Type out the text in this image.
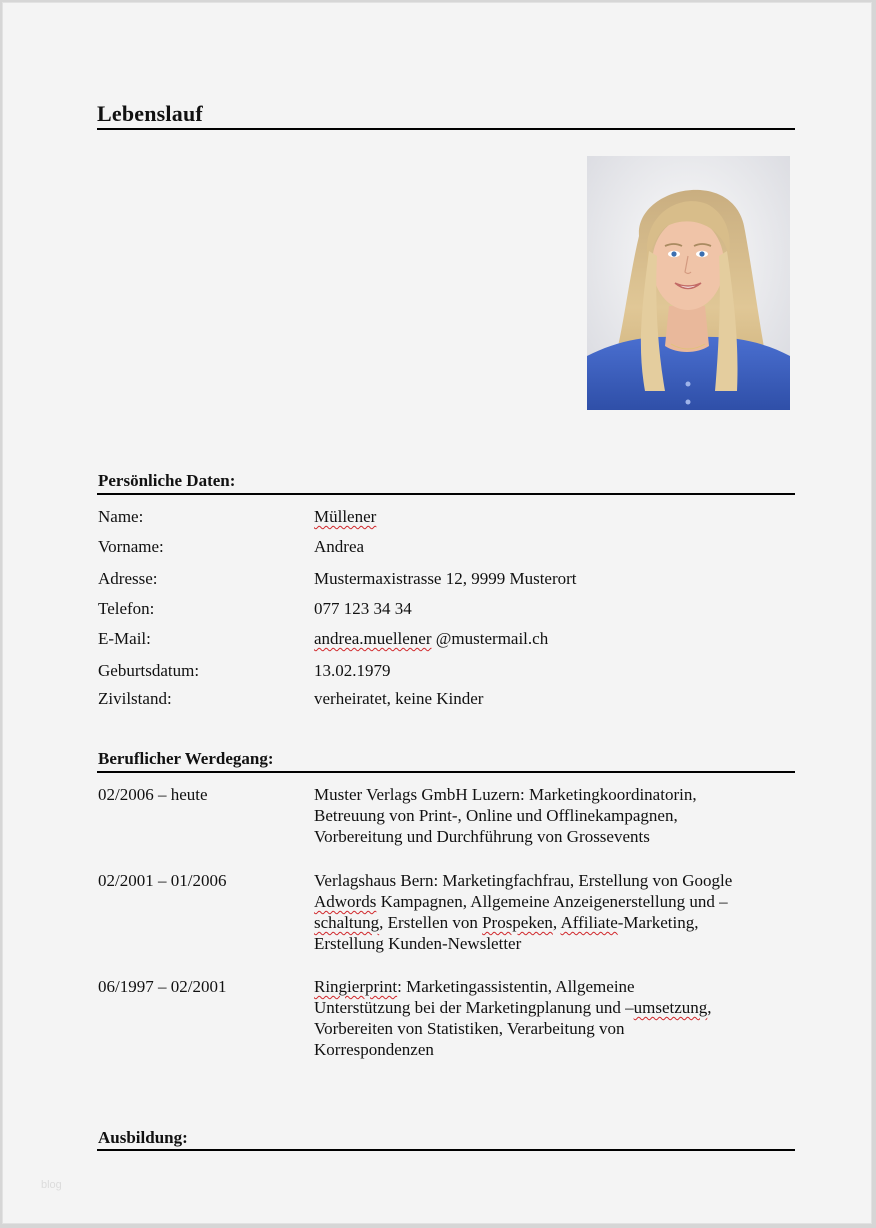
Lebenslauf
Persönliche Daten:
Name:	Müllener
Vorname:	Andrea
Adresse:	Mustermaxistrasse 12, 9999 Musterort
Telefon:	077 123 34 34
E-Mail:	andrea.muellener @mustermail.ch
Geburtsdatum:	13.02.1979
Zivilstand:	verheiratet, keine Kinder
Beruflicher Werdegang:
02/2006 – heute	Muster Verlags GmbH Luzern: Marketingkoordinatorin,
Betreuung von Print-, Online und Offlinekampagnen,
Vorbereitung und Durchführung von Grossevents
02/2001 – 01/2006	Verlagshaus Bern: Marketingfachfrau, Erstellung von Google
Adwords Kampagnen, Allgemeine Anzeigenerstellung und –
schaltung, Erstellen von Prospeken, Affiliate-Marketing,
Erstellung Kunden-Newsletter
06/1997 – 02/2001	Ringierprint: Marketingassistentin, Allgemeine
Unterstützung bei der Marketingplanung und –umsetzung,
Vorbereiten von Statistiken, Verarbeitung von
Korrespondenzen
Ausbildung:
blog
